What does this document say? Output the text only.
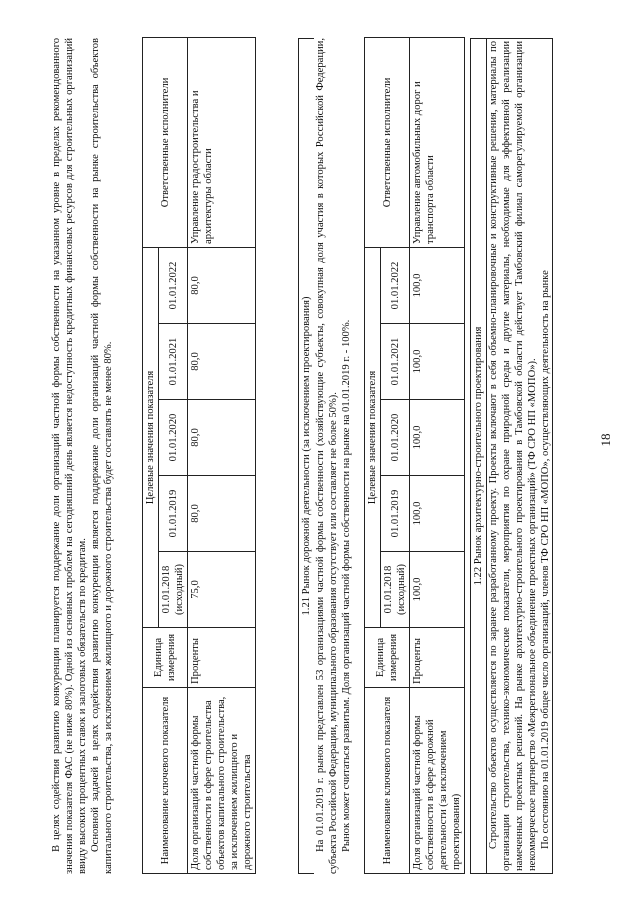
18

В целях содействия развитию конкуренции планируется поддержание доли организаций частной формы собственности на указанном уровне в пределах рекомендованного значения показателя ФАС (не ниже 80%). Одной из основных проблем на сегодняшний день является недоступность кредитных финансовых ресурсов для строительных организаций ввиду высоких процентных ставок и залоговых обязательств по кредитам. Основной задачей в целях содействия развитию конкуренции является поддержание доли организаций частной формы собственности на рынке строительства объектов капитального строительства, за исключением жилищного и дорожного строительства будет составлять не менее 80%.	Наименование ключевого показателя	Единица измерения	Целевые значения показателя					Ответственные исполнители
		01.01.2018 (исходный)	01.01.2019	01.01.2020	01.01.2021	01.01.2022	
Доля организаций частной формы собственности в сфере строительства объектов капитального строительства, за исключением жилищного и дорожного строительства	Проценты	75,0	80,0	80,0	80,0	80,0	Управление градостроительства и архитектуры области
1.21 Рынок дорожной деятельности (за исключением проектирования) На 01.01.2019 г. рынок представлен 53 организациями частной формы собственности (хозяйствующие субъекты, совокупная доля участия в которых Российской Федерации, субъекта Российской Федерации, муниципального образования отсутствует или составляет не более 50%). Рынок может считаться развитым. Доля организаций частной формы собственности на рынке на 01.01.2019 г. - 100%.	Наименование ключевого показателя	Единица измерения	Целевые значения показателя					Ответственные исполнители
		01.01.2018 (исходный)	01.01.2019	01.01.2020	01.01.2021	01.01.2022	
Доля организаций частной формы собственности в сфере дорожной деятельности (за исключением проектирования)	Проценты	100,0	100,0	100,0	100,0	100,0	Управление автомобильных дорог и транспорта области
1.22 Рынок архитектурно-строительного проектирования Строительство объектов осуществляется по заранее разработанному проекту. Проекты включают в себя объемно-планировочные и конструктивные решения, материалы по организации строительства, технико-экономические показатели, мероприятия по охране природной среды и другие материалы, необходимые для эффективной реализации намеченных проектных решений. На рынке архитектурно-строительного проектирования в Тамбовской области действует Тамбовский филиал саморегулируемой организации некоммерческое партнерство «Межрегиональное объединение проектных организаций» (ТФ СРО НП «МОПО»). По состоянию на 01.01.2019 общее число организаций, членов ТФ СРО НП «МОПО», осуществляющих деятельность на рынке
